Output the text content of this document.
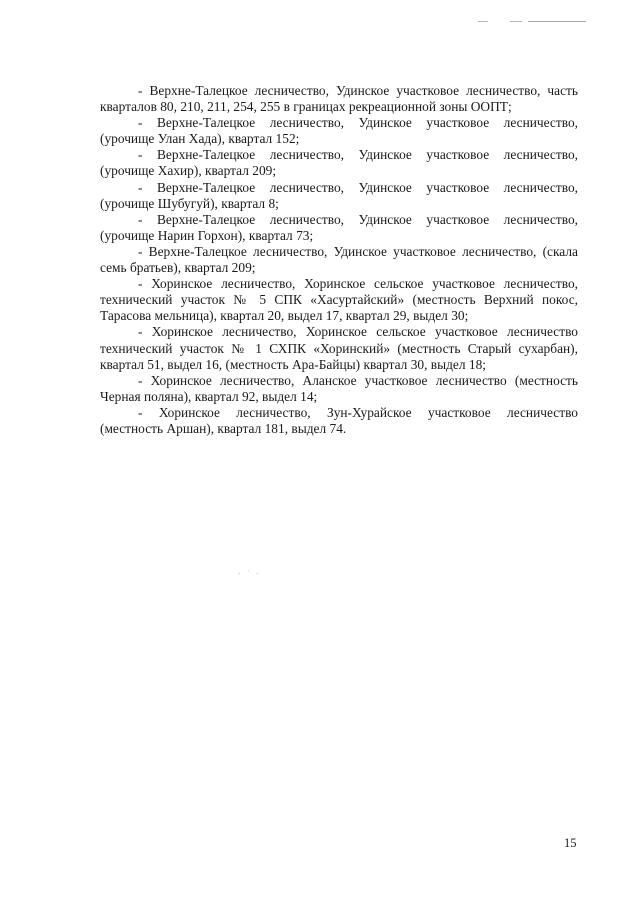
- Верхне-Талецкое лесничество, Удинское участковое лесничество, часть кварталов 80, 210, 211, 254, 255 в границах рекреационной зоны ООПТ;

- Верхне-Талецкое лесничество, Удинское участковое лесничество, (урочище Улан Хада), квартал 152;

- Верхне-Талецкое лесничество, Удинское участковое лесничество, (урочище Хахир), квартал 209;

- Верхне-Талецкое лесничество, Удинское участковое лесничество, (урочище Шубугуй), квартал 8;

- Верхне-Талецкое лесничество, Удинское участковое лесничество, (урочище Нарин Горхон), квартал 73;

- Верхне-Талецкое лесничество, Удинское участковое лесничество, (скала семь братьев), квартал 209;

- Хоринское лесничество, Хоринское сельское участковое лесничество, технический участок № 5 СПК «Хасуртайский» (местность Верхний покос, Тарасова мельница), квартал 20, выдел 17, квартал 29, выдел 30;

- Хоринское лесничество, Хоринское сельское участковое лесничество технический участок № 1 СХПК «Хоринский» (местность Старый сухарбан), квартал 51, выдел 16, (местность Ара-Байцы) квартал 30, выдел 18;

- Хоринское лесничество, Аланское участковое лесничество (местность Черная поляна), квартал 92, выдел 14;

- Хоринское лесничество, Зун-Хурайское участковое лесничество (местность Аршан), квартал 181, выдел 74.

· ˙ ·
15
